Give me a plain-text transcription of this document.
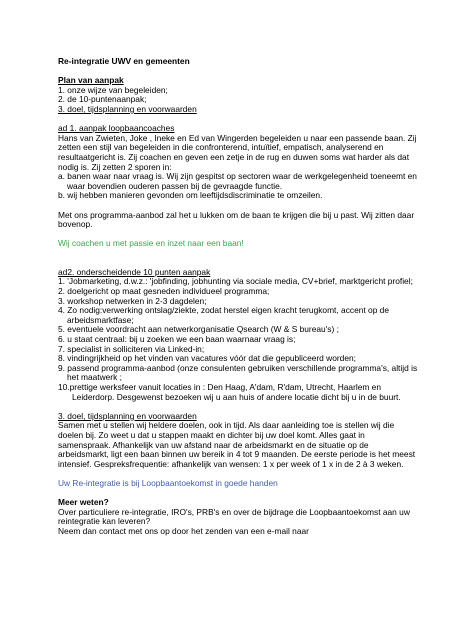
Re-integratie UWV en gemeenten

Plan van aanpak

1. onze wijze van begeleiden;

2. de 10-puntenaanpak;

3. doel, tijdsplanning en voorwaarden

ad 1. aanpak loopbaancoaches

Hans van Zwieten, Joke , Ineke en Ed van Wingerden begeleiden u naar een passende baan. Zij zetten een stijl van begeleiden in die confronterend, intuïtief, empatisch, analyserend en resultaatgericht is. Zij coachen en geven een zetje in de rug en duwen soms wat harder als dat nodig is. Zij zetten 2 sporen in:

a. banen waar naar vraag is. Wij zijn gespitst op sectoren waar de werkgelegenheid toeneemt en waar bovendien ouderen passen bij de gevraagde functie.

b. wij hebben manieren gevonden om leeftijdsdiscriminatie te omzeilen.

Met ons programma-aanbod zal het u lukken om de baan te krijgen die bij u past. Wij zitten daar bovenop.

Wij coachen u met passie en inzet naar een baan!

ad2. onderscheidende 10 punten aanpak

1. 'Jobmarketing, d.w.z.: 'jobfinding, jobhunting via sociale media, CV+brief, marktgericht profiel;

2. doelgericht op maat gesneden individueel programma;

3. workshop netwerken in 2-3 dagdelen;

4. Zo nodig:verwerking ontslag/ziekte, zodat herstel eigen kracht terugkomt, accent op de arbeidsmarktfase;

5. eventuele voordracht aan netwerkorganisatie Qsearch (W & S bureau's) ;

6. u staat centraal: bij u zoeken we een baan waarnaar vraag is;

7. specialist in solliciteren via Linked-in;

8. vindingrijkheid op het vinden van vacatures vóór dat die gepubliceerd worden;

9. passend programma-aanbod (onze consulenten gebruiken verschillende programma's, altijd is het maatwerk ;

10.prettige werksfeer vanuit locaties in : Den Haag, A'dam, R'dam, Utrecht, Haarlem en Leiderdorp. Desgewenst bezoeken wij u aan huis of andere locatie dicht bij u in de buurt.

3. doel, tijdsplanning en voorwaarden

Samen met u stellen wij heldere doelen, ook in tijd. Als daar aanleiding toe is stellen wij die doelen bij. Zo weet u dat u stappen maakt en dichter bij uw doel komt. Alles gaat in samenspraak. Afhankelijk van uw afstand naar de arbeidsmarkt en de situatie op de arbeidsmarkt, ligt een baan binnen uw bereik in 4 tot 9 maanden. De eerste periode is het meest intensief. Gespreksfrequentie: afhankelijk van wensen: 1 x per week of 1 x in de 2 à 3 weken.

Uw Re-integratie is bij Loopbaantoekomst in goede handen

Meer weten?

Over particuliere re-integratie, IRO's, PRB's en over de bijdrage die Loopbaantoekomst aan uw reintegratie kan leveren?

Neem dan contact met ons op door het zenden van een e-mail naar
